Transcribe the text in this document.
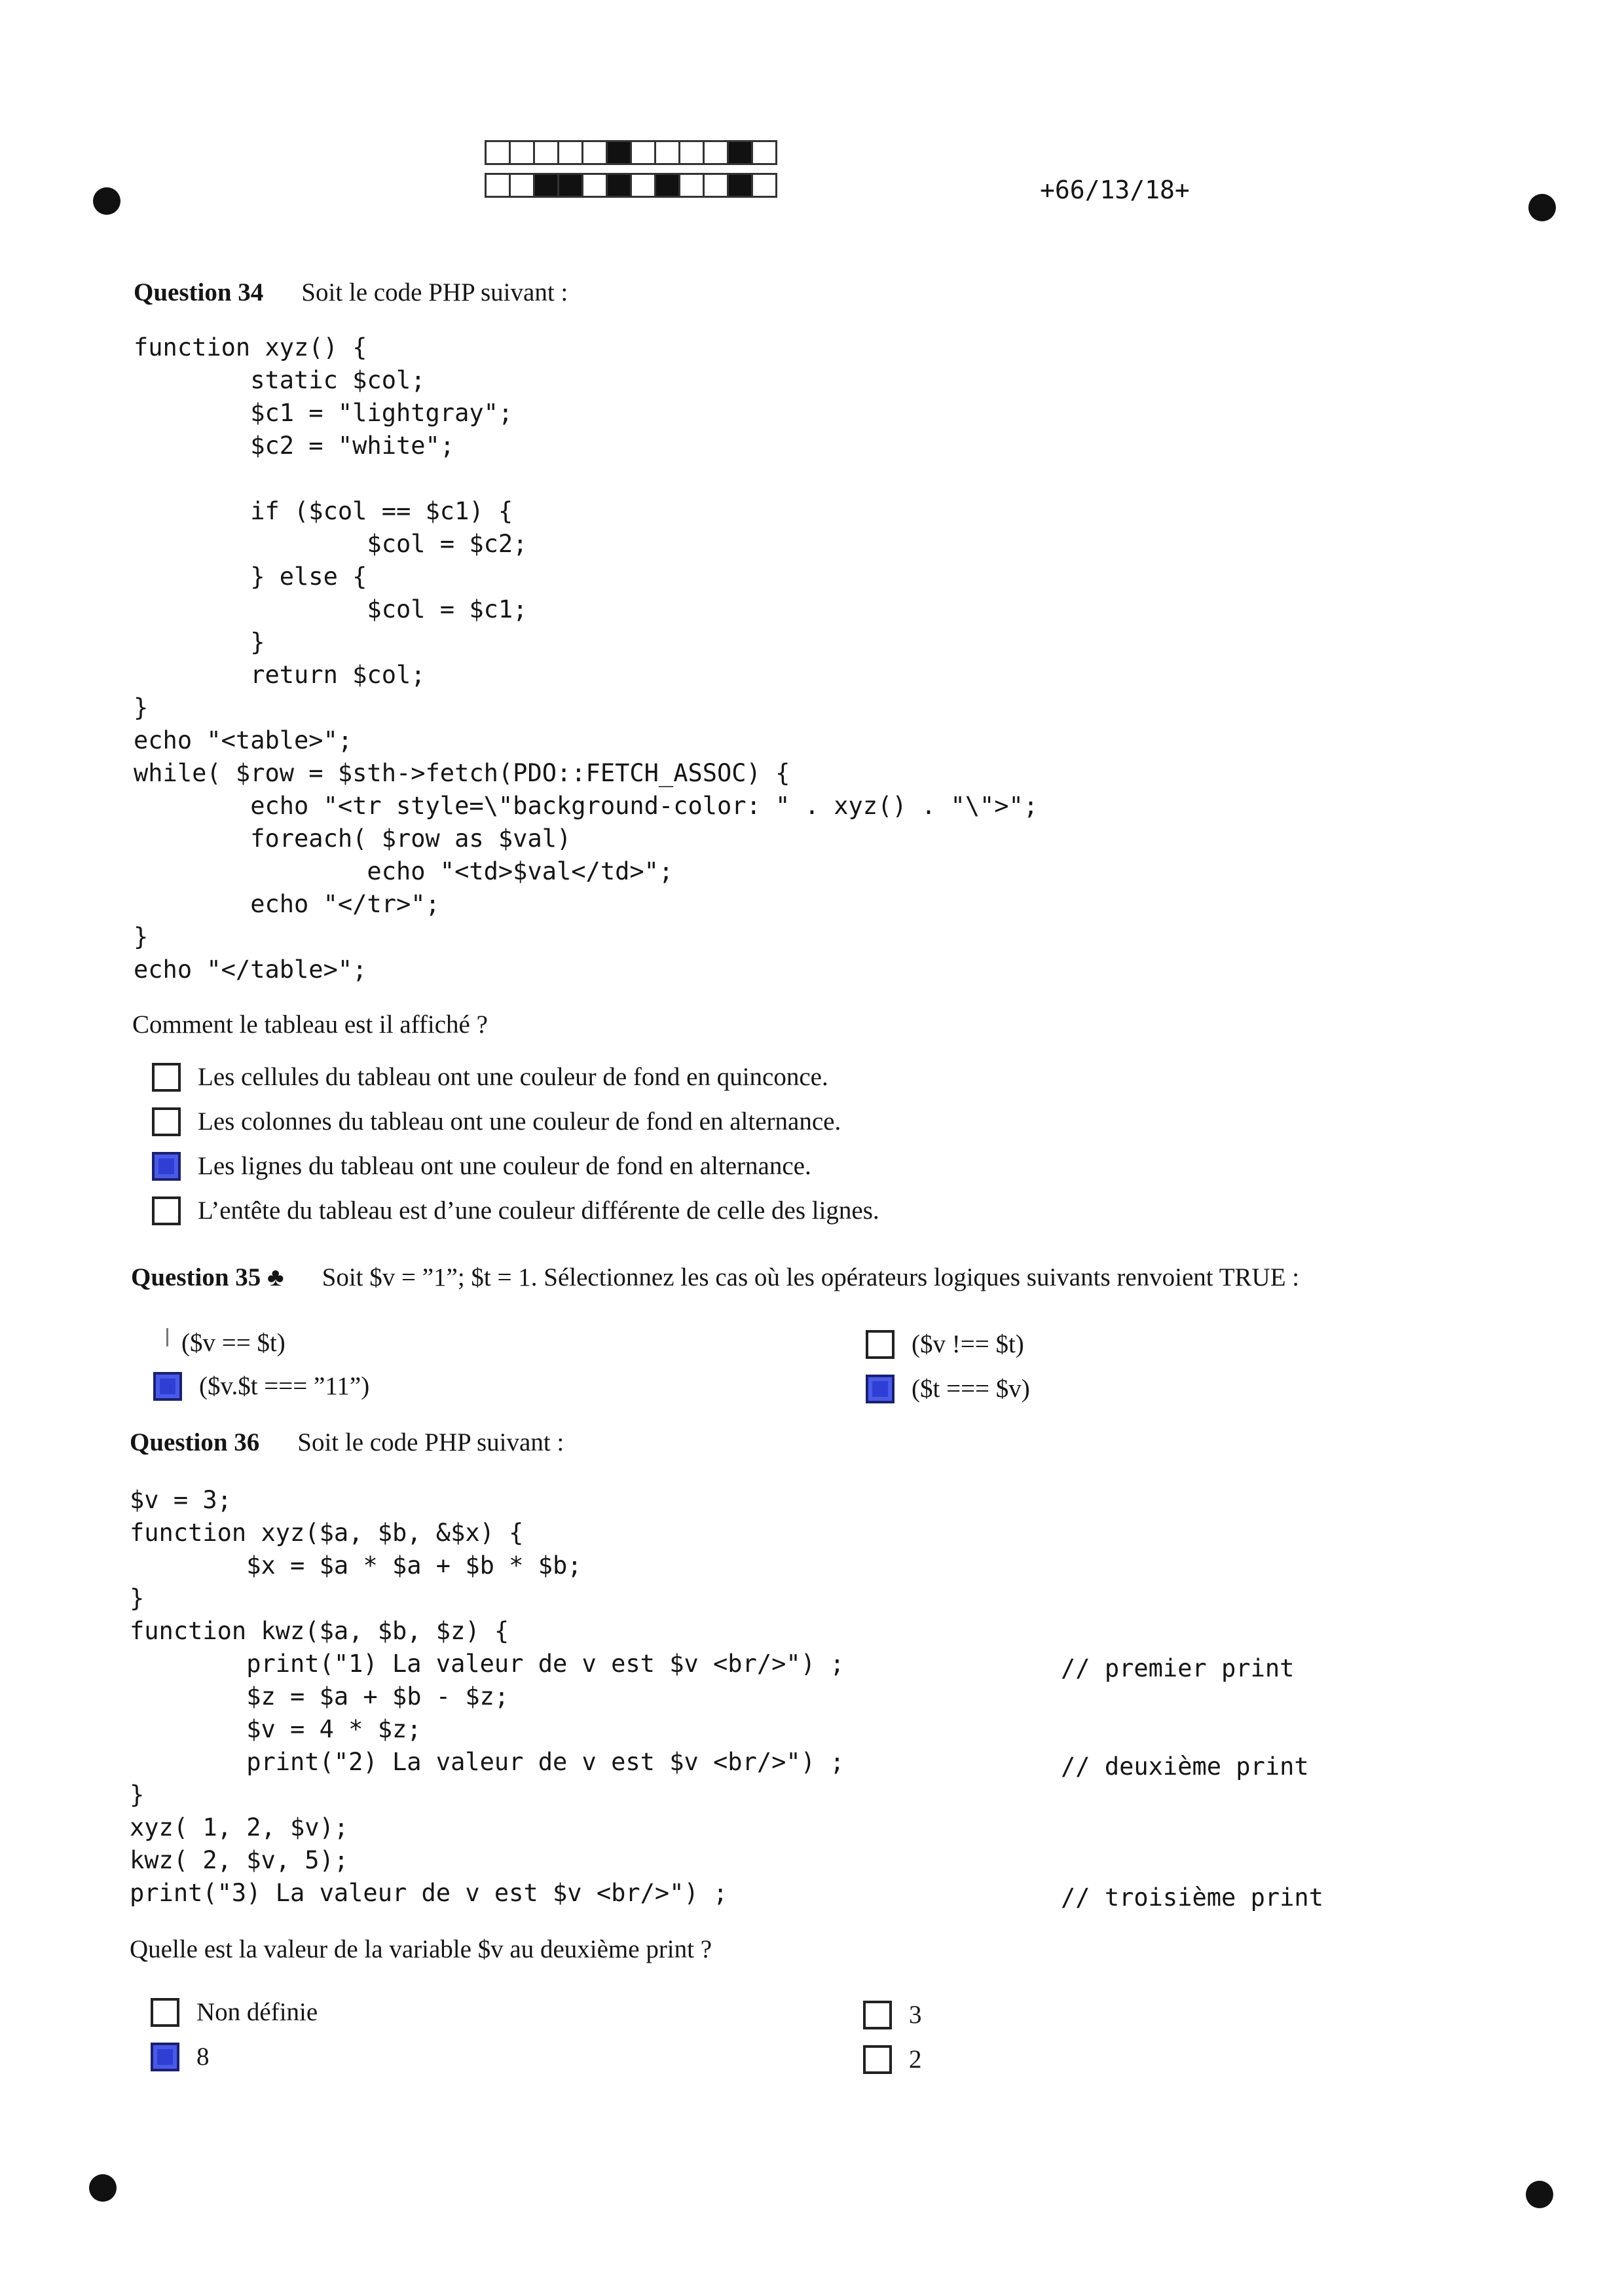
+66/13/18+
Question 34 Soit le code PHP suivant :
function xyz() {
static $col;
$c1 = "lightgray";
$c2 = "white";

if ($col == $c1) {
$col = $c2;
} else {
$col = $c1;
}
return $col;
}
echo "<table>";
while( $row = $sth->fetch(PDO::FETCH_ASSOC) {
echo "<tr style=\"background-color: " . xyz() . "\">";
foreach( $row as $val)
echo "<td>$val</td>";
echo "</tr>";
}
echo "</table>";
Comment le tableau est il affiché ?
Les cellules du tableau ont une couleur de fond en quinconce.
Les colonnes du tableau ont une couleur de fond en alternance.
Les lignes du tableau ont une couleur de fond en alternance.
L’entête du tableau est d’une couleur différente de celle des lignes.
Question 35 ♣ Soit $v = ”1”; $t = 1. Sélectionnez les cas où les opérateurs logiques suivants renvoient TRUE :
($v == $t)
($v.$t === ”11”)
($v !== $t)
($t === $v)
Question 36 Soit le code PHP suivant :
$v = 3;
function xyz($a, $b, &$x) {
$x = $a * $a + $b * $b;
}
function kwz($a, $b, $z) {
print("1) La valeur de v est $v <br/>") ;
$z = $a + $b - $z;
$v = 4 * $z;
print("2) La valeur de v est $v <br/>") ;
}
xyz( 1, 2, $v);
kwz( 2, $v, 5);
print("3) La valeur de v est $v <br/>") ;
// premier print
// deuxième print
// troisième print
Quelle est la valeur de la variable $v au deuxième print ?
Non définie
8
3
2
